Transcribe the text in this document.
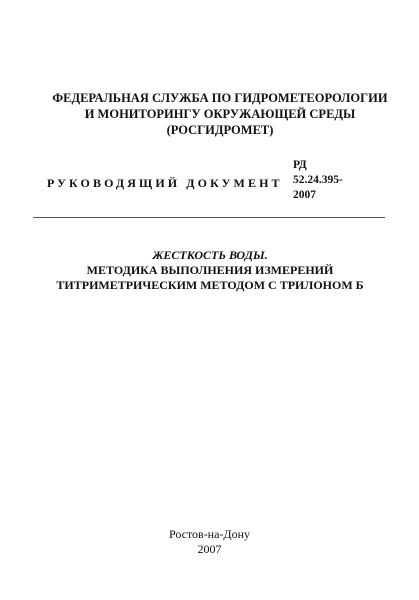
ФЕДЕРАЛЬНАЯ СЛУЖБА ПО ГИДРОМЕТЕОРОЛОГИИ
И МОНИТОРИНГУ ОКРУЖАЮЩЕЙ СРЕДЫ
(РОСГИДРОМЕТ)
РУКОВОДЯЩИЙ ДОКУМЕНТ
РД
52.24.395-
2007
ЖЕСТКОСТЬ ВОДЫ.
МЕТОДИКА ВЫПОЛНЕНИЯ ИЗМЕРЕНИЙ
ТИТРИМЕТРИЧЕСКИМ МЕТОДОМ С ТРИЛОНОМ Б
Ростов-на-Дону
2007
